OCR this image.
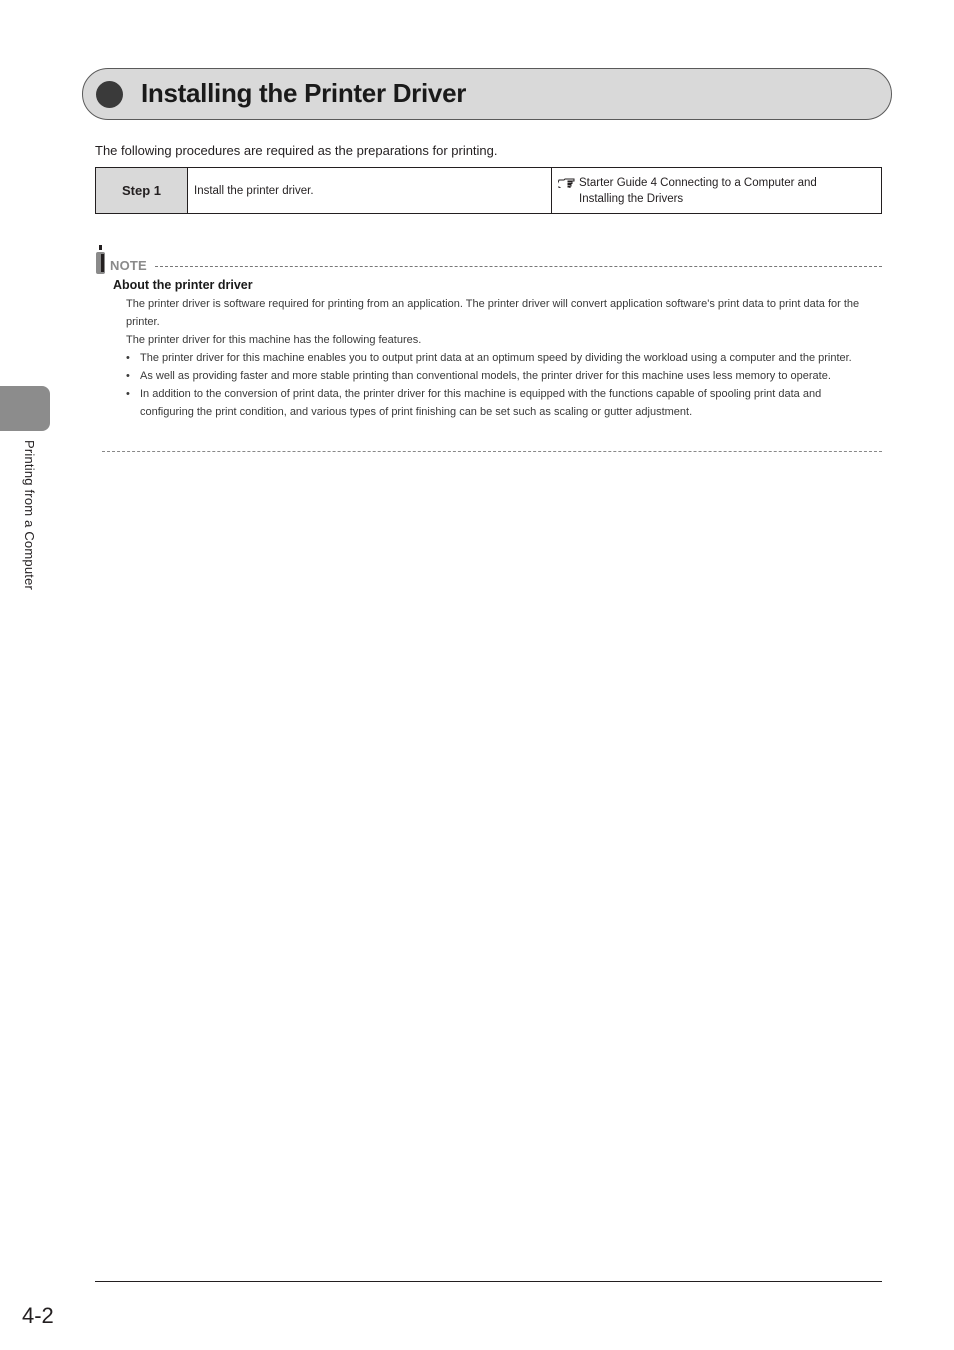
Installing the Printer Driver
The following procedures are required as the preparations for printing.
Step 1	Install the printer driver.
Starter Guide 4 Connecting to a Computer and
Installing the Drivers
NOTE
About the printer driver

The printer driver is software required for printing from an application. The printer driver will convert application software's print data to print data for the printer.

The printer driver for this machine has the following features.

• The printer driver for this machine enables you to output print data at an optimum speed by dividing the workload using a computer and the printer.
• As well as providing faster and more stable printing than conventional models, the printer driver for this machine uses less memory to operate.
• In addition to the conversion of print data, the printer driver for this machine is equipped with the functions capable of spooling print data and configuring the print condition, and various types of print finishing can be set such as scaling or gutter adjustment.
Printing from a Computer
4-2
